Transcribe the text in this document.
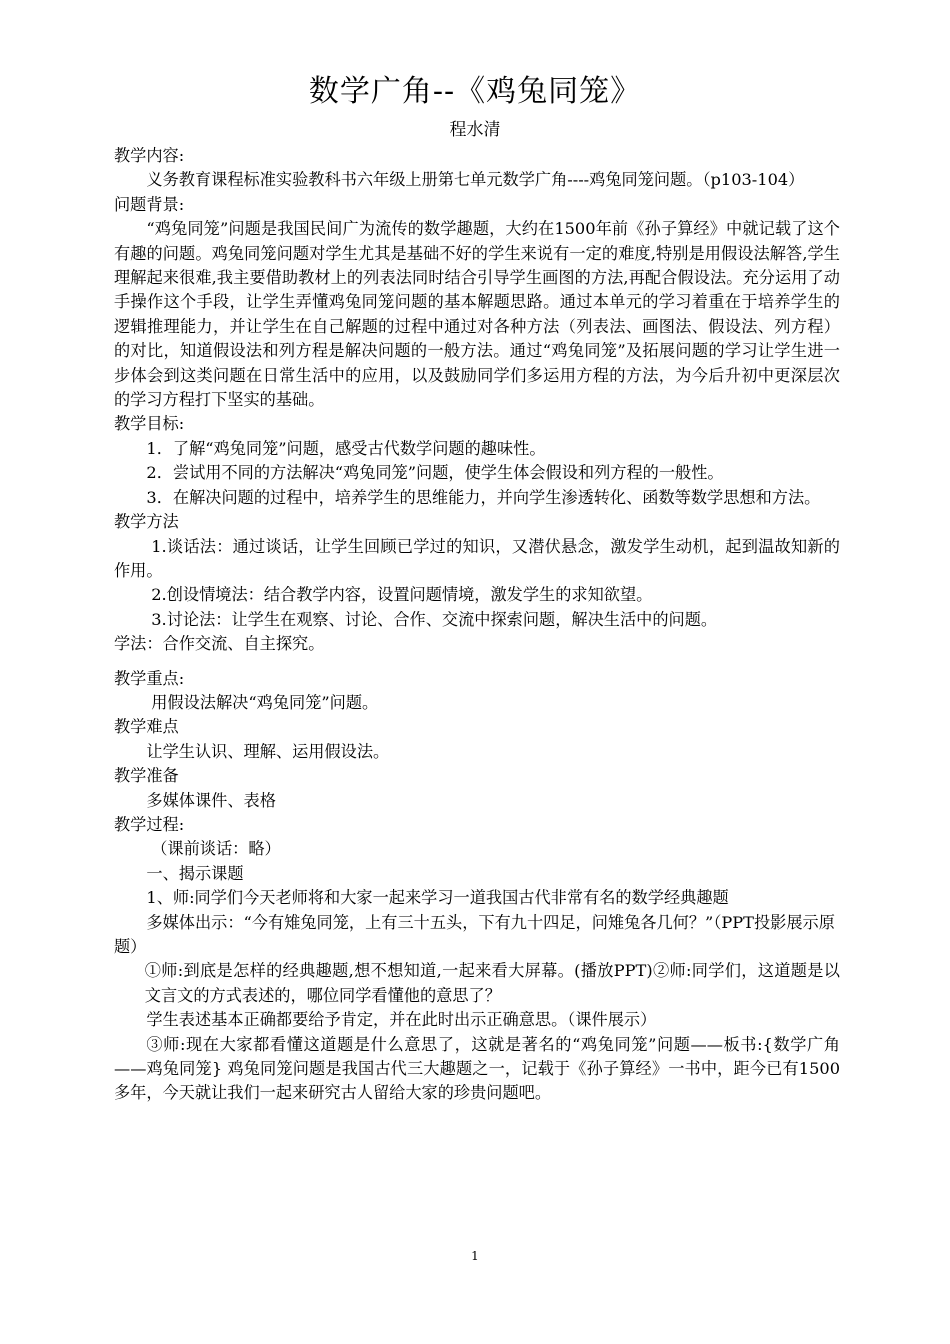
数学广角--《鸡兔同笼》
程水清

教学内容:

义务教育课程标准实验教科书六年级上册第七单元数学广角----鸡兔同笼问题。（p103-104）

问题背景:

“鸡兔同笼”问题是我国民间广为流传的数学趣题，大约在1500年前《孙子算经》中就记载了这个有趣的问题。鸡兔同笼问题对学生尤其是基础不好的学生来说有一定的难度,特别是用假设法解答,学生理解起来很难,我主要借助教材上的列表法同时结合引导学生画图的方法,再配合假设法。充分运用了动手操作这个手段，让学生弄懂鸡兔同笼问题的基本解题思路。通过本单元的学习着重在于培养学生的逻辑推理能力，并让学生在自己解题的过程中通过对各种方法（列表法、画图法、假设法、列方程）的对比，知道假设法和列方程是解决问题的一般方法。通过“鸡兔同笼”及拓展问题的学习让学生进一步体会到这类问题在日常生活中的应用，以及鼓励同学们多运用方程的方法，为今后升初中更深层次的学习方程打下坚实的基础。

教学目标:

1．了解“鸡兔同笼”问题，感受古代数学问题的趣味性。

2．尝试用不同的方法解决“鸡兔同笼”问题，使学生体会假设和列方程的一般性。

3．在解决问题的过程中，培养学生的思维能力，并向学生渗透转化、函数等数学思想和方法。

教学方法

1.谈话法：通过谈话，让学生回顾已学过的知识，又潜伏悬念，激发学生动机，起到温故知新的作用。

2.创设情境法：结合教学内容，设置问题情境，激发学生的求知欲望。

3.讨论法：让学生在观察、讨论、合作、交流中探索问题，解决生活中的问题。

学法：合作交流、自主探究。

教学重点:

用假设法解决“鸡兔同笼”问题。

教学难点

让学生认识、理解、运用假设法。

教学准备

多媒体课件、表格

教学过程:

（课前谈话：略）

一、揭示课题

1、师:同学们今天老师将和大家一起来学习一道我国古代非常有名的数学经典趣题

多媒体出示：“今有雉兔同笼，上有三十五头，下有九十四足，问雉兔各几何？”（PPT投影展示原题）

①师:到底是怎样的经典趣题,想不想知道,一起来看大屏幕。(播放PPT)②师:同学们，这道题是以文言文的方式表述的，哪位同学看懂他的意思了？

学生表述基本正确都要给予肯定，并在此时出示正确意思。（课件展示）

③师:现在大家都看懂这道题是什么意思了，这就是著名的“鸡兔同笼”问题——板书:{数学广角——鸡兔同笼} 鸡兔同笼问题是我国古代三大趣题之一，记载于《孙子算经》一书中，距今已有1500多年，今天就让我们一起来研究古人留给大家的珍贵问题吧。

1
